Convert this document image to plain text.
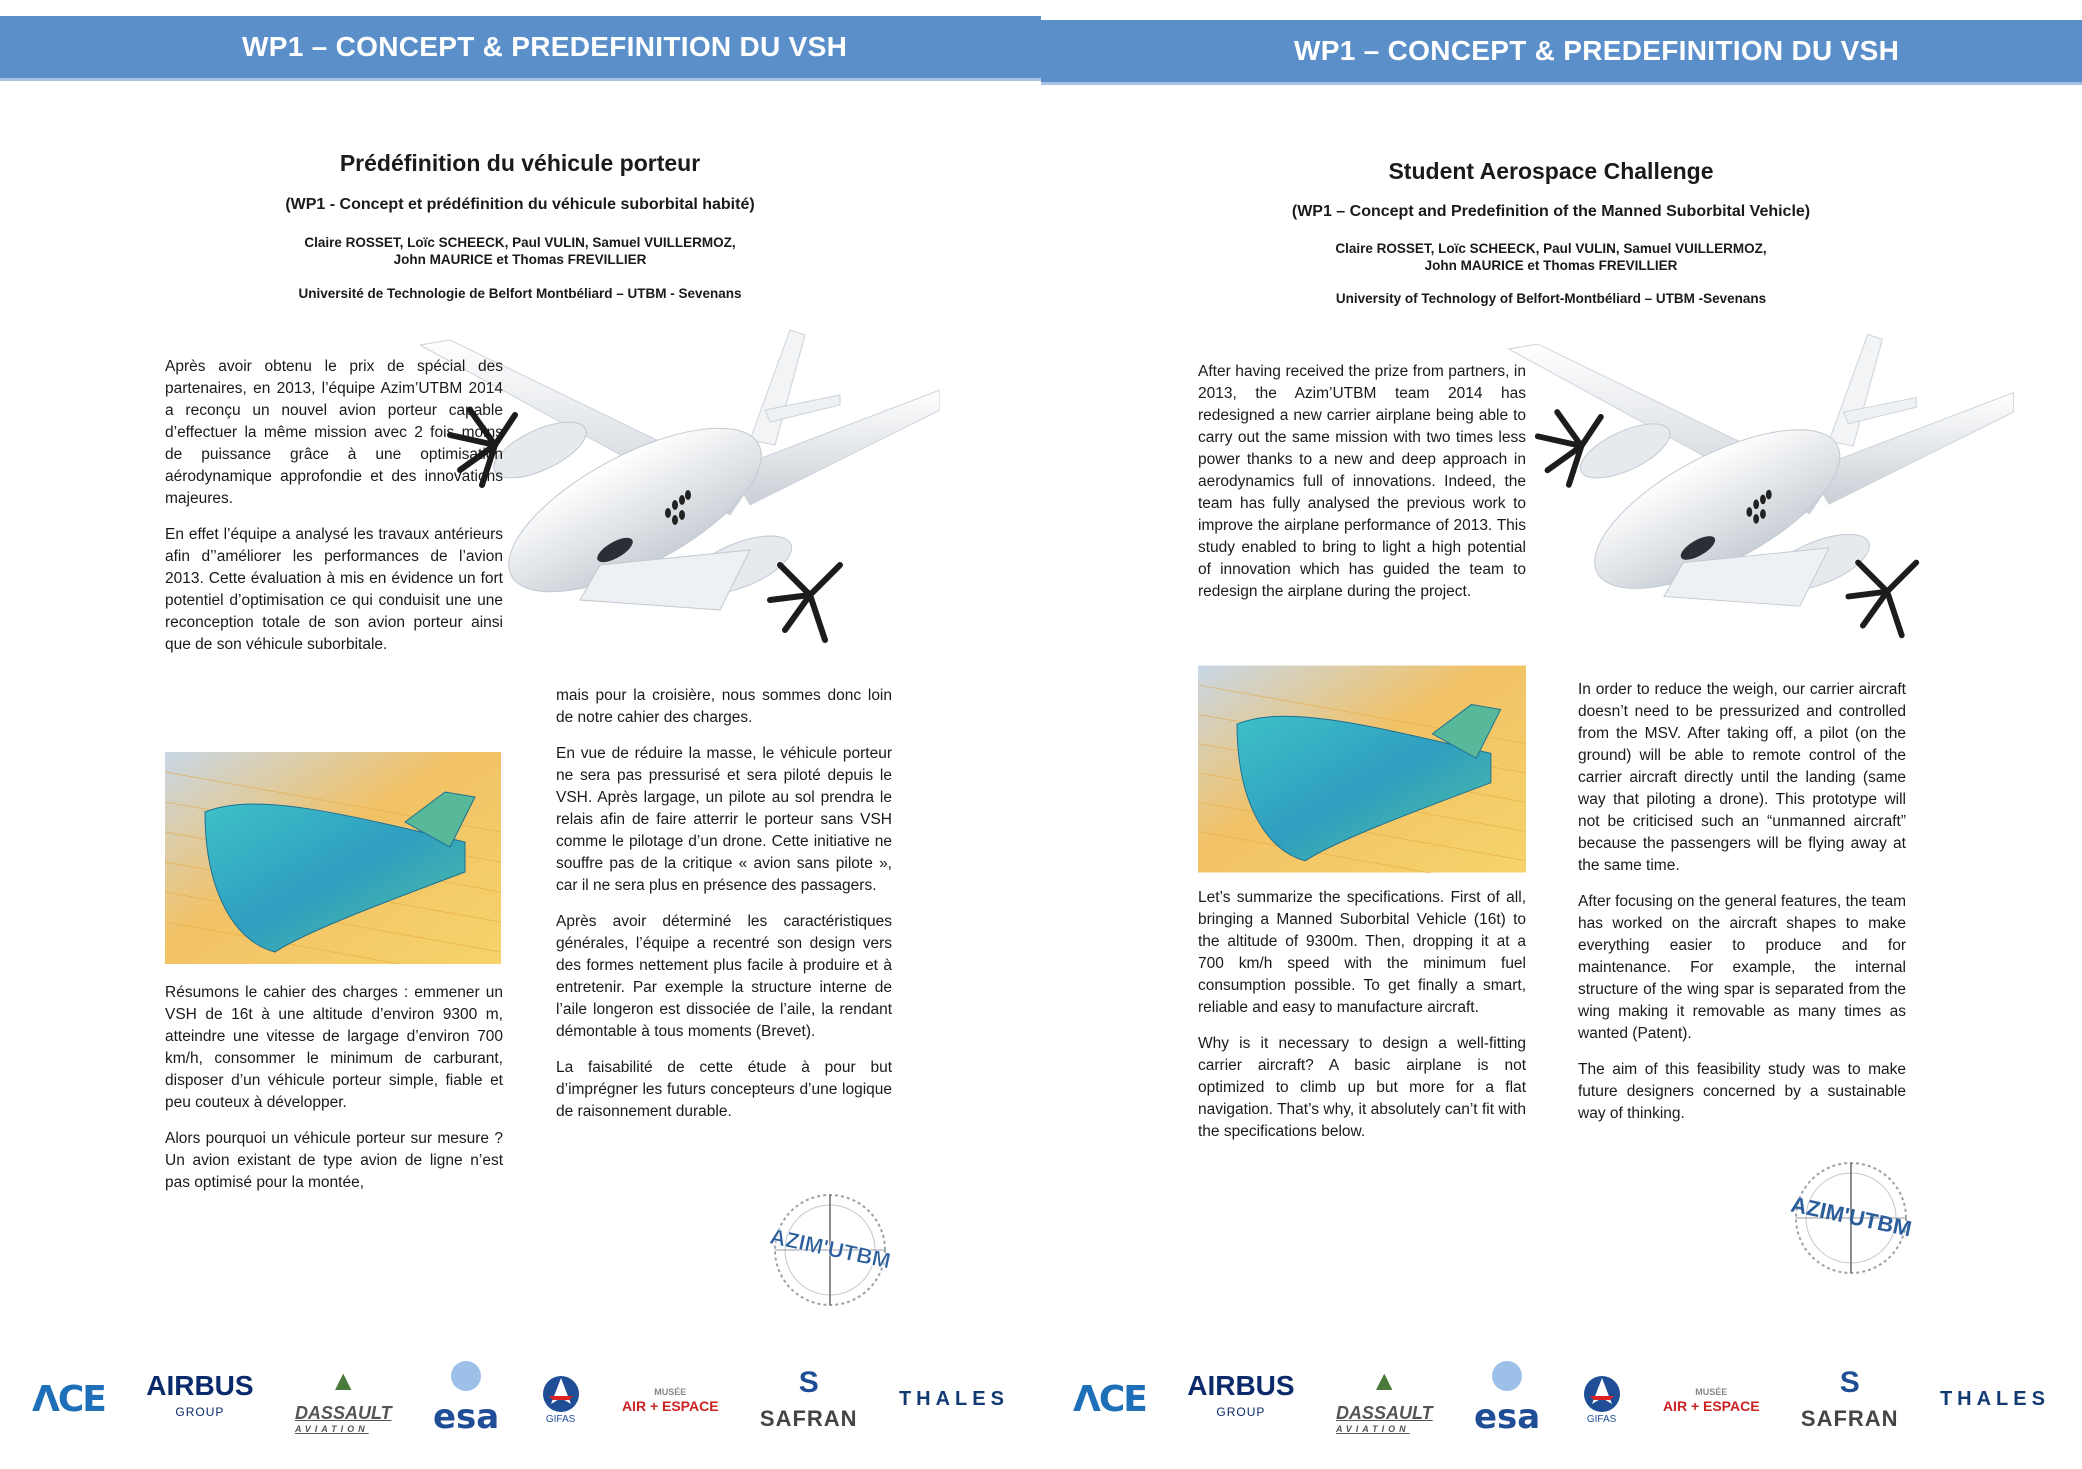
WP1 – CONCEPT & PREDEFINITION DU VSH
Prédéfinition du véhicule porteur
(WP1 - Concept et prédéfinition du véhicule suborbital habité)
Claire ROSSET, Loïc SCHEECK, Paul VULIN, Samuel VUILLERMOZ,
John MAURICE et Thomas FREVILLIER
Université de Technologie de Belfort Montbéliard – UTBM - Sevenans

Après avoir obtenu le prix de spécial des partenaires, en 2013, l’équipe Azim’UTBM 2014 a reconçu un nouvel avion porteur capable d’effectuer la même mission avec 2 fois moins de puissance grâce à une optimisation aérodynamique approfondie et des innovations majeures.

En effet l’équipe a analysé les travaux antérieurs afin d’’améliorer les performances de l’avion 2013. Cette évaluation à mis en évidence un fort potentiel d’optimisation ce qui conduisit une une reconception totale de son avion porteur ainsi que de son véhicule suborbitale.

Résumons le cahier des charges : emmener un VSH de 16t à une altitude d’environ 9300 m, atteindre une vitesse de largage d’environ 700 km/h, consommer le minimum de carburant, disposer d’un véhicule porteur simple, fiable et peu couteux à développer.

Alors pourquoi un véhicule porteur sur mesure ? Un avion existant de type avion de ligne n’est pas optimisé pour la montée,

mais pour la croisière, nous sommes donc loin de notre cahier des charges.

En vue de réduire la masse, le véhicule porteur ne sera pas pressurisé et sera piloté depuis le VSH. Après largage, un pilote au sol prendra le relais afin de faire atterrir le porteur sans VSH comme le pilotage d’un drone. Cette initiative ne souffre pas de la critique « avion sans pilote », car il ne sera plus en présence des passagers.

Après avoir déterminé les caractéristiques générales, l’équipe a recentré son design vers des formes nettement plus facile à produire et à entretenir. Par exemple la structure interne de l’aile longeron est dissociée de l’aile, la rendant démontable à tous moments (Brevet).

La faisabilité de cette étude à pour but d’imprégner les futurs concepteurs d’une logique de raisonnement durable.

AZIM'UTBM
ΛCE AIRBUS
GROUP
▲
DASSAULT
AVIATION	esa	GIFAS
MUSÉE
AIR + ESPACE
S
SAFRAN
THALES
WP1 – CONCEPT & PREDEFINITION DU VSH
Student Aerospace Challenge
(WP1 – Concept and Predefinition of the Manned Suborbital Vehicle)
Claire ROSSET, Loïc SCHEECK, Paul VULIN, Samuel VUILLERMOZ,
John MAURICE et Thomas FREVILLIER
University of Technology of Belfort-Montbéliard – UTBM -Sevenans

After having received the prize from partners, in 2013, the Azim’UTBM team 2014 has redesigned a new carrier airplane being able to carry out the same mission with two times less power thanks to a new and deep approach in aerodynamics full of innovations. Indeed, the team has fully analysed the previous work to improve the airplane performance of 2013. This study enabled to bring to light a high potential of innovation which has guided the team to redesign the airplane during the project.

Let’s summarize the specifications. First of all, bringing a Manned Suborbital Vehicle (16t) to the altitude of 9300m. Then, dropping it at a 700 km/h speed with the minimum fuel consumption possible. To get finally a smart, reliable and easy to manufacture aircraft.

Why is it necessary to design a well-fitting carrier aircraft? A basic airplane is not optimized to climb up but more for a flat navigation. That’s why, it absolutely can’t fit with the specifications below.

In order to reduce the weigh, our carrier aircraft doesn’t need to be pressurized and controlled from the MSV. After taking off, a pilot (on the ground) will be able to remote control of the carrier aircraft directly until the landing (same way that piloting a drone). This prototype will not be criticised such an “unmanned aircraft” because the passengers will be flying away at the same time.

After focusing on the general features, the team has worked on the aircraft shapes to make everything easier to produce and for maintenance. For example, the internal structure of the wing spar is separated from the wing making it removable as many times as wanted (Patent).

The aim of this feasibility study was to make future designers concerned by a sustainable way of thinking.

AZIM'UTBM
ΛCE AIRBUS
GROUP
▲
DASSAULT
AVIATION	esa	GIFAS
MUSÉE
AIR + ESPACE
S
SAFRAN
THALES
